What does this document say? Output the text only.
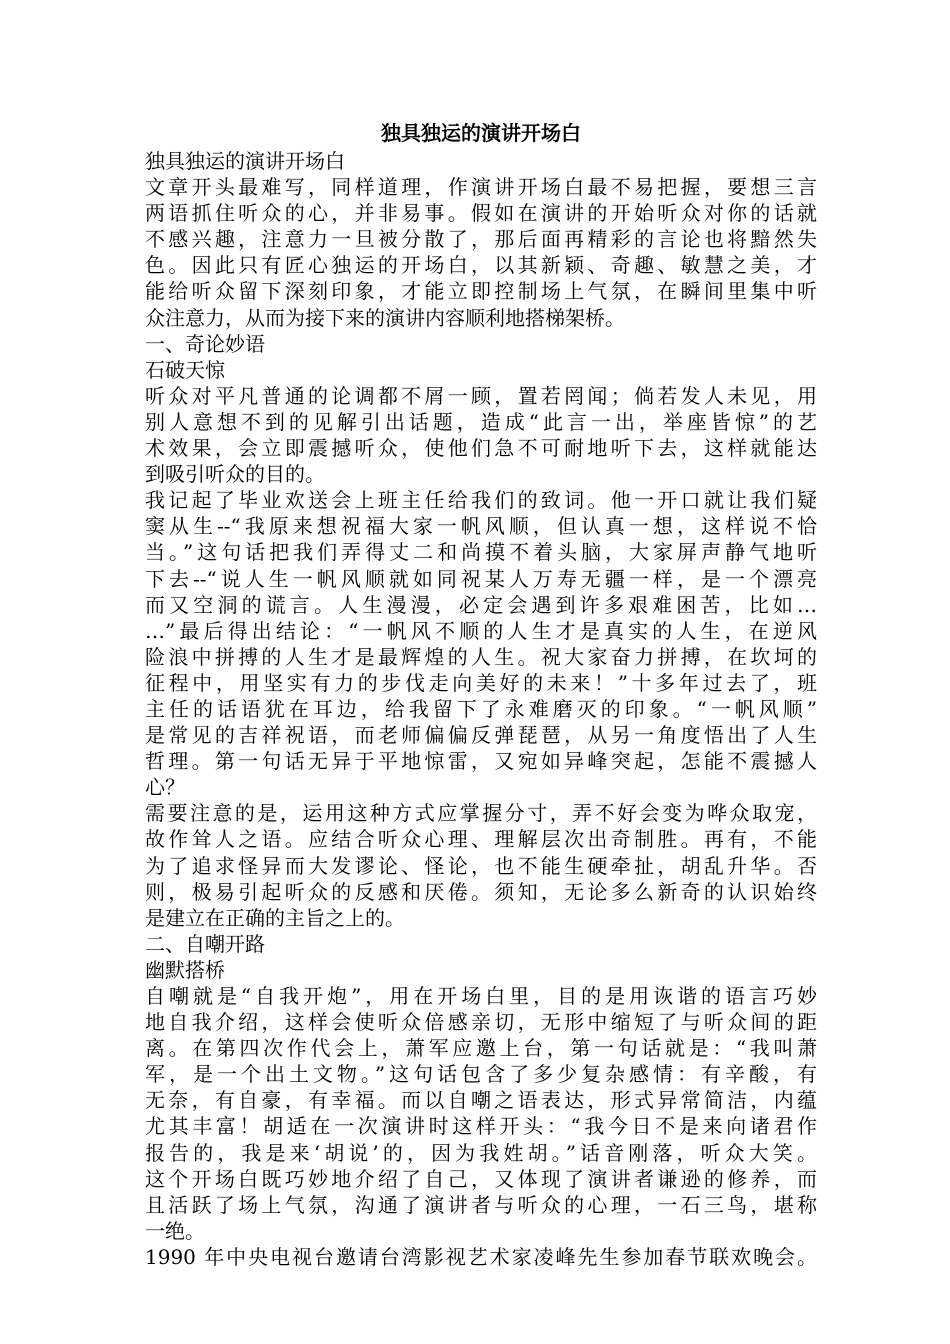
独具独运的演讲开场白

独具独运的演讲开场白

文章开头最难写，同样道理，作演讲开场白最不易把握，要想三言

两语抓住听众的心，并非易事。假如在演讲的开始听众对你的话就

不感兴趣，注意力一旦被分散了，那后面再精彩的言论也将黯然失

色。因此只有匠心独运的开场白，以其新颖、奇趣、敏慧之美，才

能给听众留下深刻印象，才能立即控制场上气氛，在瞬间里集中听

众注意力，从而为接下来的演讲内容顺利地搭梯架桥。

一、奇论妙语

石破天惊

听众对平凡普通的论调都不屑一顾，置若罔闻；倘若发人未见，用

别人意想不到的见解引出话题，造成“此言一出，举座皆惊”的艺

术效果，会立即震撼听众，使他们急不可耐地听下去，这样就能达

到吸引听众的目的。

我记起了毕业欢送会上班主任给我们的致词。他一开口就让我们疑

窦从生--“我原来想祝福大家一帆风顺，但认真一想，这样说不恰

当。”这句话把我们弄得丈二和尚摸不着头脑，大家屏声静气地听

下去--“说人生一帆风顺就如同祝某人万寿无疆一样，是一个漂亮

而又空洞的谎言。人生漫漫，必定会遇到许多艰难困苦，比如…

…”最后得出结论：“一帆风不顺的人生才是真实的人生，在逆风

险浪中拼搏的人生才是最辉煌的人生。祝大家奋力拼搏，在坎坷的

征程中，用坚实有力的步伐走向美好的未来！”十多年过去了，班

主任的话语犹在耳边，给我留下了永难磨灭的印象。“一帆风顺”

是常见的吉祥祝语，而老师偏偏反弹琵琶，从另一角度悟出了人生

哲理。第一句话无异于平地惊雷，又宛如异峰突起，怎能不震撼人

心？

需要注意的是，运用这种方式应掌握分寸，弄不好会变为哗众取宠，

故作耸人之语。应结合听众心理、理解层次出奇制胜。再有，不能

为了追求怪异而大发谬论、怪论，也不能生硬牵扯，胡乱升华。否

则，极易引起听众的反感和厌倦。须知，无论多么新奇的认识始终

是建立在正确的主旨之上的。

二、自嘲开路

幽默搭桥

自嘲就是“自我开炮”，用在开场白里，目的是用诙谐的语言巧妙

地自我介绍，这样会使听众倍感亲切，无形中缩短了与听众间的距

离。在第四次作代会上，萧军应邀上台，第一句话就是：“我叫萧

军，是一个出土文物。”这句话包含了多少复杂感情：有辛酸，有

无奈，有自豪，有幸福。而以自嘲之语表达，形式异常简洁，内蕴

尤其丰富！胡适在一次演讲时这样开头：“我今日不是来向诸君作

报告的，我是来‘胡说’的，因为我姓胡。”话音刚落，听众大笑。

这个开场白既巧妙地介绍了自己，又体现了演讲者谦逊的修养，而

且活跃了场上气氛，沟通了演讲者与听众的心理，一石三鸟，堪称

一绝。

1990 年中央电视台邀请台湾影视艺术家凌峰先生参加春节联欢晚会。
